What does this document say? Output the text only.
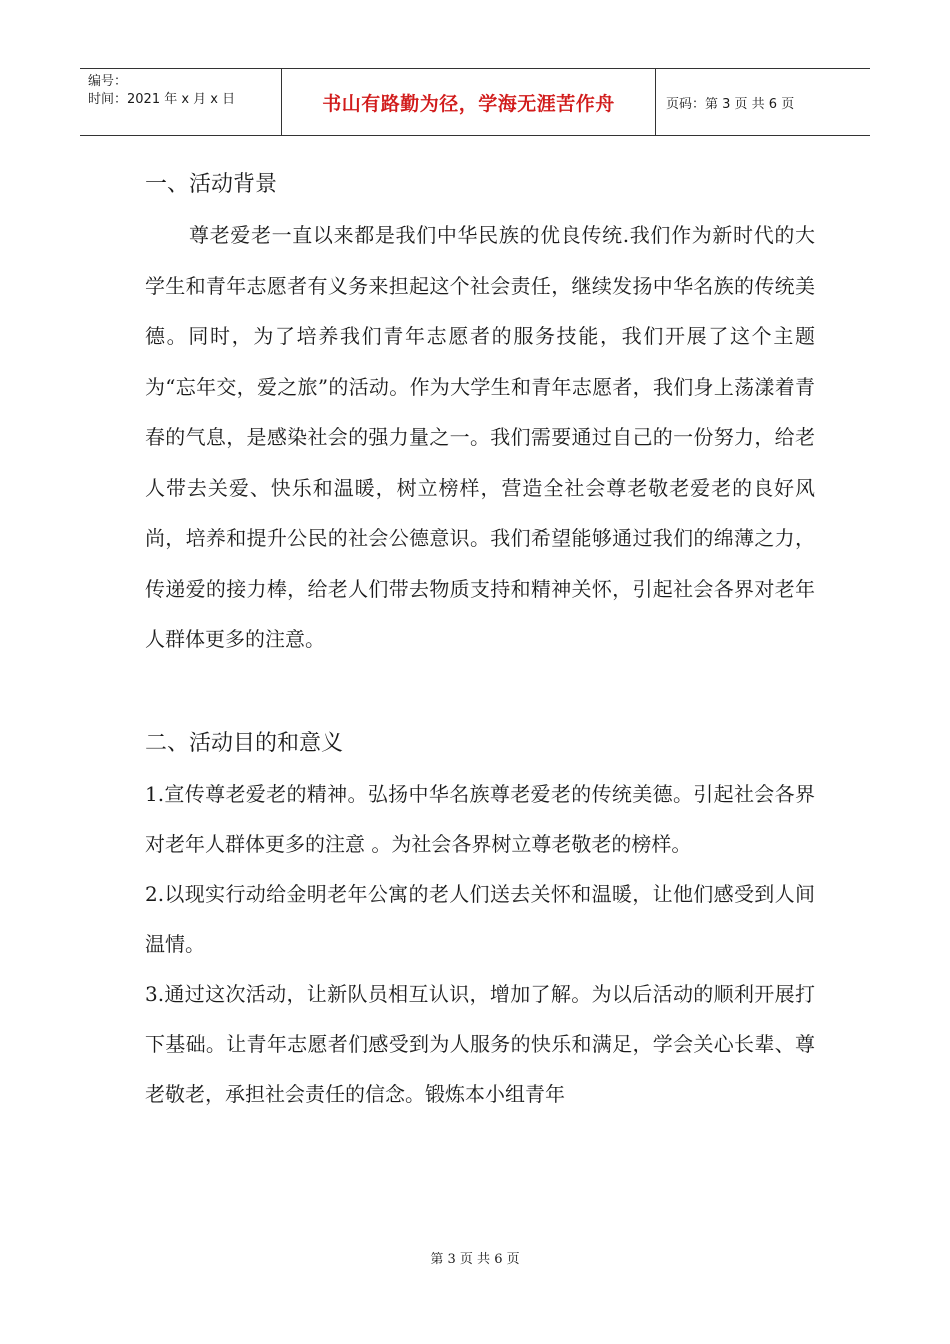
编号：
时间：2021 年 x 月 x 日	书山有路勤为径，学海无涯苦作舟	页码：第 3 页 共 6 页
一、活动背景

尊老爱老一直以来都是我们中华民族的优良传统.我们作为新时代的大学生和青年志愿者有义务来担起这个社会责任，继续发扬中华名族的传统美德。同时，为了培养我们青年志愿者的服务技能，我们开展了这个主题为“忘年交，爱之旅”的活动。作为大学生和青年志愿者，我们身上荡漾着青春的气息，是感染社会的强力量之一。我们需要通过自己的一份努力，给老人带去关爱、快乐和温暖，树立榜样，营造全社会尊老敬老爱老的良好风尚，培养和提升公民的社会公德意识。我们希望能够通过我们的绵薄之力，传递爱的接力棒，给老人们带去物质支持和精神关怀，引起社会各界对老年人群体更多的注意。

二、活动目的和意义

1.宣传尊老爱老的精神。弘扬中华名族尊老爱老的传统美德。引起社会各界对老年人群体更多的注意 。为社会各界树立尊老敬老的榜样。

2.以现实行动给金明老年公寓的老人们送去关怀和温暖，让他们感受到人间温情。

3.通过这次活动，让新队员相互认识，增加了解。为以后活动的顺利开展打下基础。让青年志愿者们感受到为人服务的快乐和满足，学会关心长辈、尊老敬老，承担社会责任的信念。锻炼本小组青年

第 3 页 共 6 页
